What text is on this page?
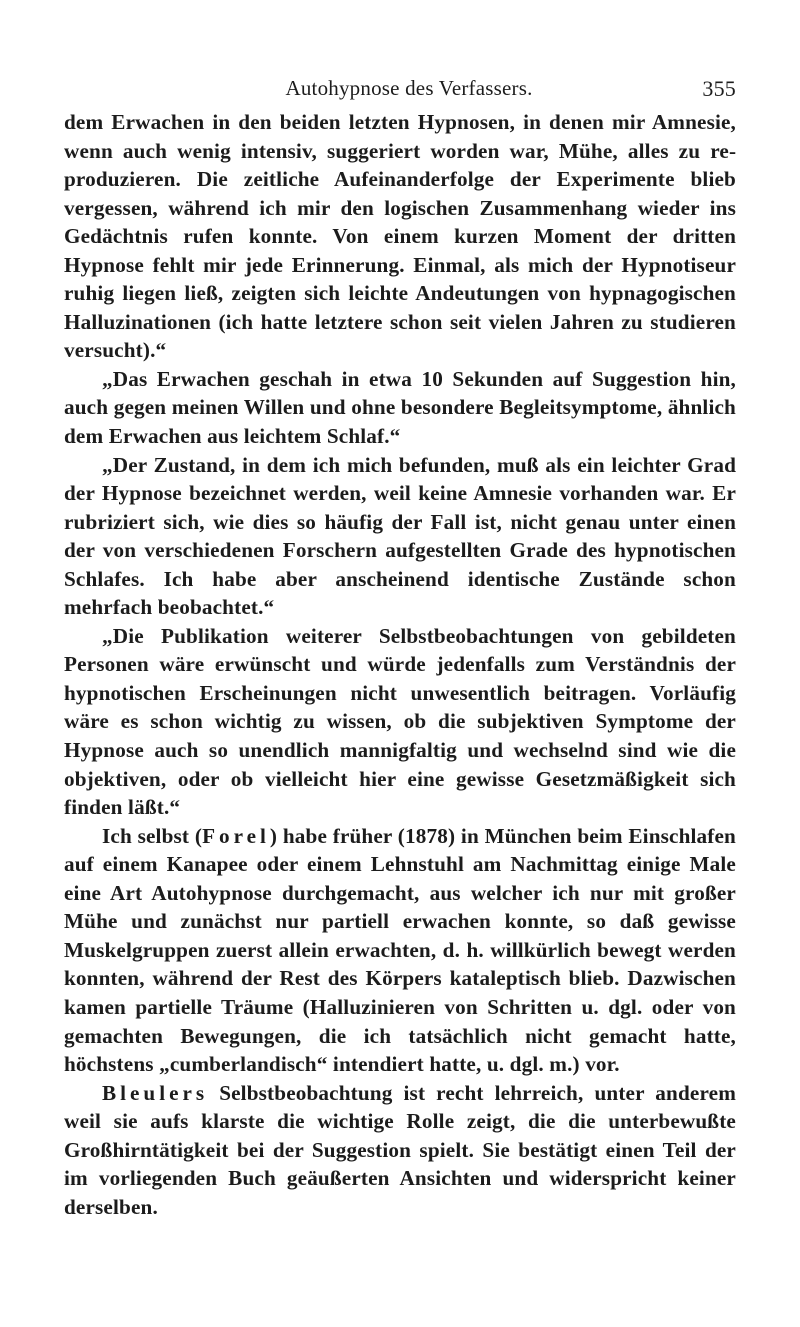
Autohypnose des Verfassers.	355

dem Erwachen in den beiden letzten Hypnosen, in denen mir Amnesie, wenn auch wenig intensiv, suggeriert worden war, Mühe, alles zu reproduzieren. Die zeitliche Aufeinanderfolge der Experimente blieb vergessen, während ich mir den logischen Zusammenhang wieder ins Gedächtnis rufen konnte. Von einem kurzen Moment der dritten Hypnose fehlt mir jede Erinnerung. Einmal, als mich der Hypnotiseur ruhig liegen ließ, zeigten sich leichte Andeutungen von hypnagogischen Halluzinationen (ich hatte letztere schon seit vielen Jahren zu studieren versucht).“

„Das Erwachen geschah in etwa 10 Sekunden auf Suggestion hin, auch gegen meinen Willen und ohne besondere Begleitsymptome, ähnlich dem Erwachen aus leichtem Schlaf.“

„Der Zustand, in dem ich mich befunden, muß als ein leichter Grad der Hypnose bezeichnet werden, weil keine Amnesie vorhanden war. Er rubriziert sich, wie dies so häufig der Fall ist, nicht genau unter einen der von verschiedenen Forschern aufgestellten Grade des hypnotischen Schlafes. Ich habe aber anscheinend identische Zustände schon mehrfach beobachtet.“

„Die Publikation weiterer Selbstbeobachtungen von gebildeten Personen wäre erwünscht und würde jedenfalls zum Verständnis der hypnotischen Erscheinungen nicht unwesentlich beitragen. Vorläufig wäre es schon wichtig zu wissen, ob die subjektiven Symptome der Hypnose auch so unendlich mannigfaltig und wechselnd sind wie die objektiven, oder ob vielleicht hier eine gewisse Gesetzmäßigkeit sich finden läßt.“

Ich selbst (Forel) habe früher (1878) in München beim Einschlafen auf einem Kanapee oder einem Lehnstuhl am Nachmittag einige Male eine Art Autohypnose durchgemacht, aus welcher ich nur mit großer Mühe und zunächst nur partiell erwachen konnte, so daß gewisse Muskelgruppen zuerst allein erwachten, d. h. willkürlich bewegt werden konnten, während der Rest des Körpers kataleptisch blieb. Dazwischen kamen partielle Träume (Halluzinieren von Schritten u. dgl. oder von gemachten Bewegungen, die ich tatsächlich nicht gemacht hatte, höchstens „cumberlandisch“ intendiert hatte, u. dgl. m.) vor.

Bleulers Selbstbeobachtung ist recht lehrreich, unter anderem weil sie aufs klarste die wichtige Rolle zeigt, die die unterbewußte Großhirntätigkeit bei der Suggestion spielt. Sie bestätigt einen Teil der im vorliegenden Buch geäußerten Ansichten und widerspricht keiner derselben.
